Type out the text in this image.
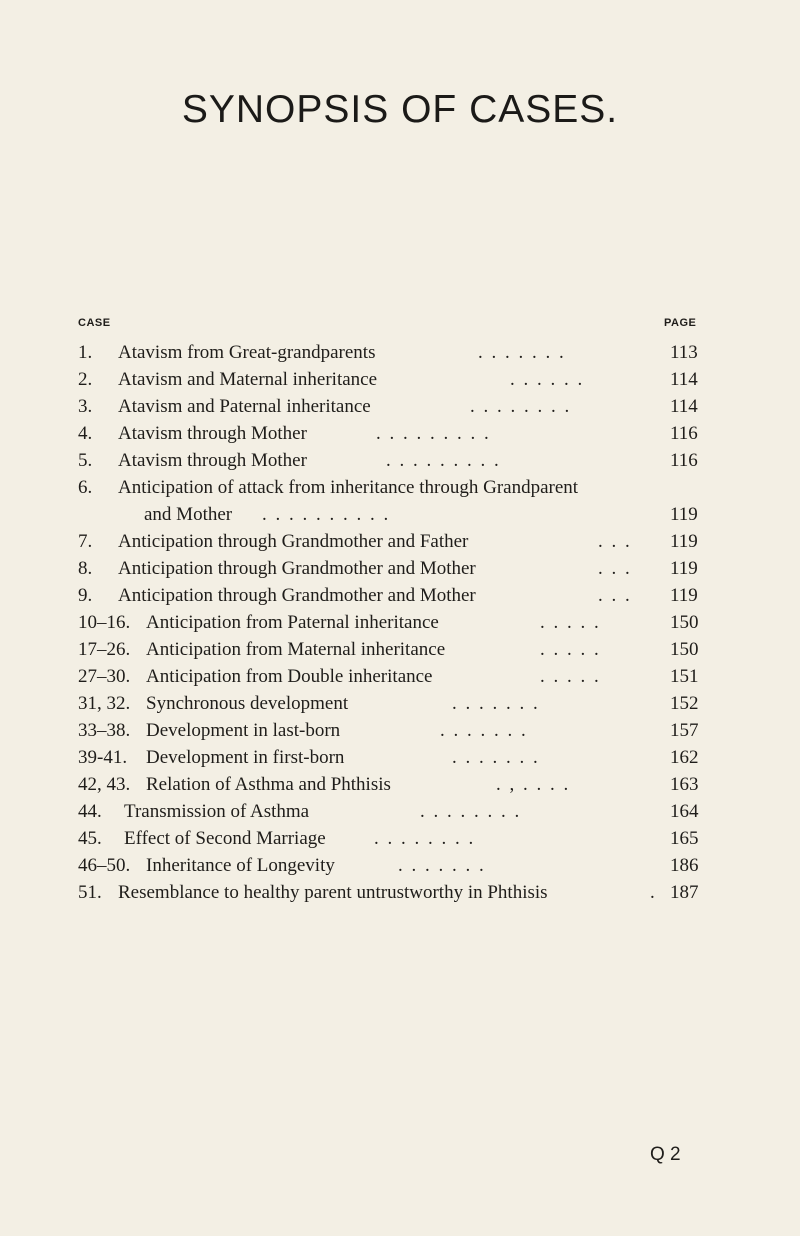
SYNOPSIS OF CASES.
CASE	PAGE
1. Atavism from Great-grandparents	. . . . . . .	113
2. Atavism and Maternal inheritance	. . . . . .	114
3. Atavism and Paternal inheritance	. . . . . . . .	114
4. Atavism through Mother	. . . . . . . . .	116
5. Atavism through Mother	. . . . . . . . .	116
6. Anticipation of attack from inheritance through Grandparent
and Mother . . . . . . . . . .	119
7. Anticipation through Grandmother and Father	. . . 119
8. Anticipation through Grandmother and Mother	. . . 119
9. Anticipation through Grandmother and Mother	. . . 119
10–16. Anticipation from Paternal inheritance	. . . . .	150
17–26. Anticipation from Maternal inheritance	. . . . .	150
27–30. Anticipation from Double inheritance	. . . . .	151
31, 32. Synchronous development	. . . . . . .	152
33–38. Development in last-born	. . . . . . .	157
39-41. Development in first-born	. . . . . . .	162
42, 43. Relation of Asthma and Phthisis	. , . . . .	163
44. Transmission of Asthma	. . . . . . . .	164
45. Effect of Second Marriage	. . . . . . . .	165
46–50. Inheritance of Longevity	. . . . . . .	186
51. Resemblance to healthy parent untrustworthy in Phthisis	. 187
Q 2
